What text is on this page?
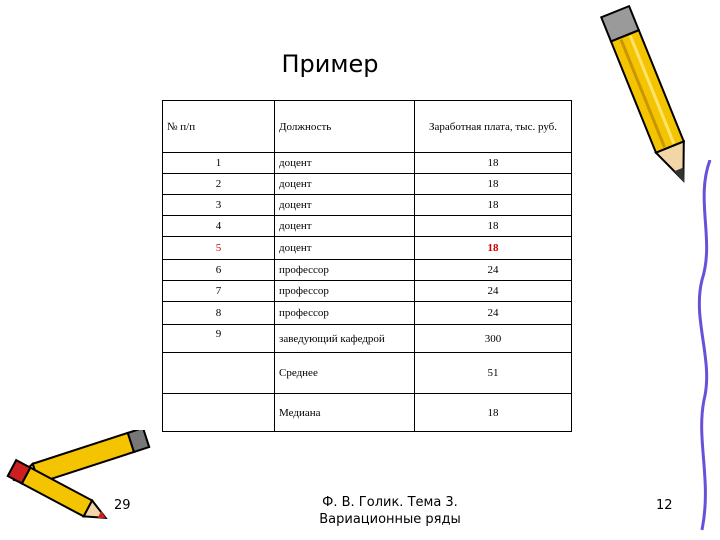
Пример
№ п/п	Должность	Заработная плата, тыс. руб.
1	доцент	18
2	доцент	18
3	доцент	18
4	доцент	18
5	доцент	18
6	профессор	24
7	профессор	24
8	профессор	24
9	заведующий кафедрой	300
	Среднее	51
	Медиана	18
29	Ф. В. Голик. Тема 3.
Вариационные ряды
12
